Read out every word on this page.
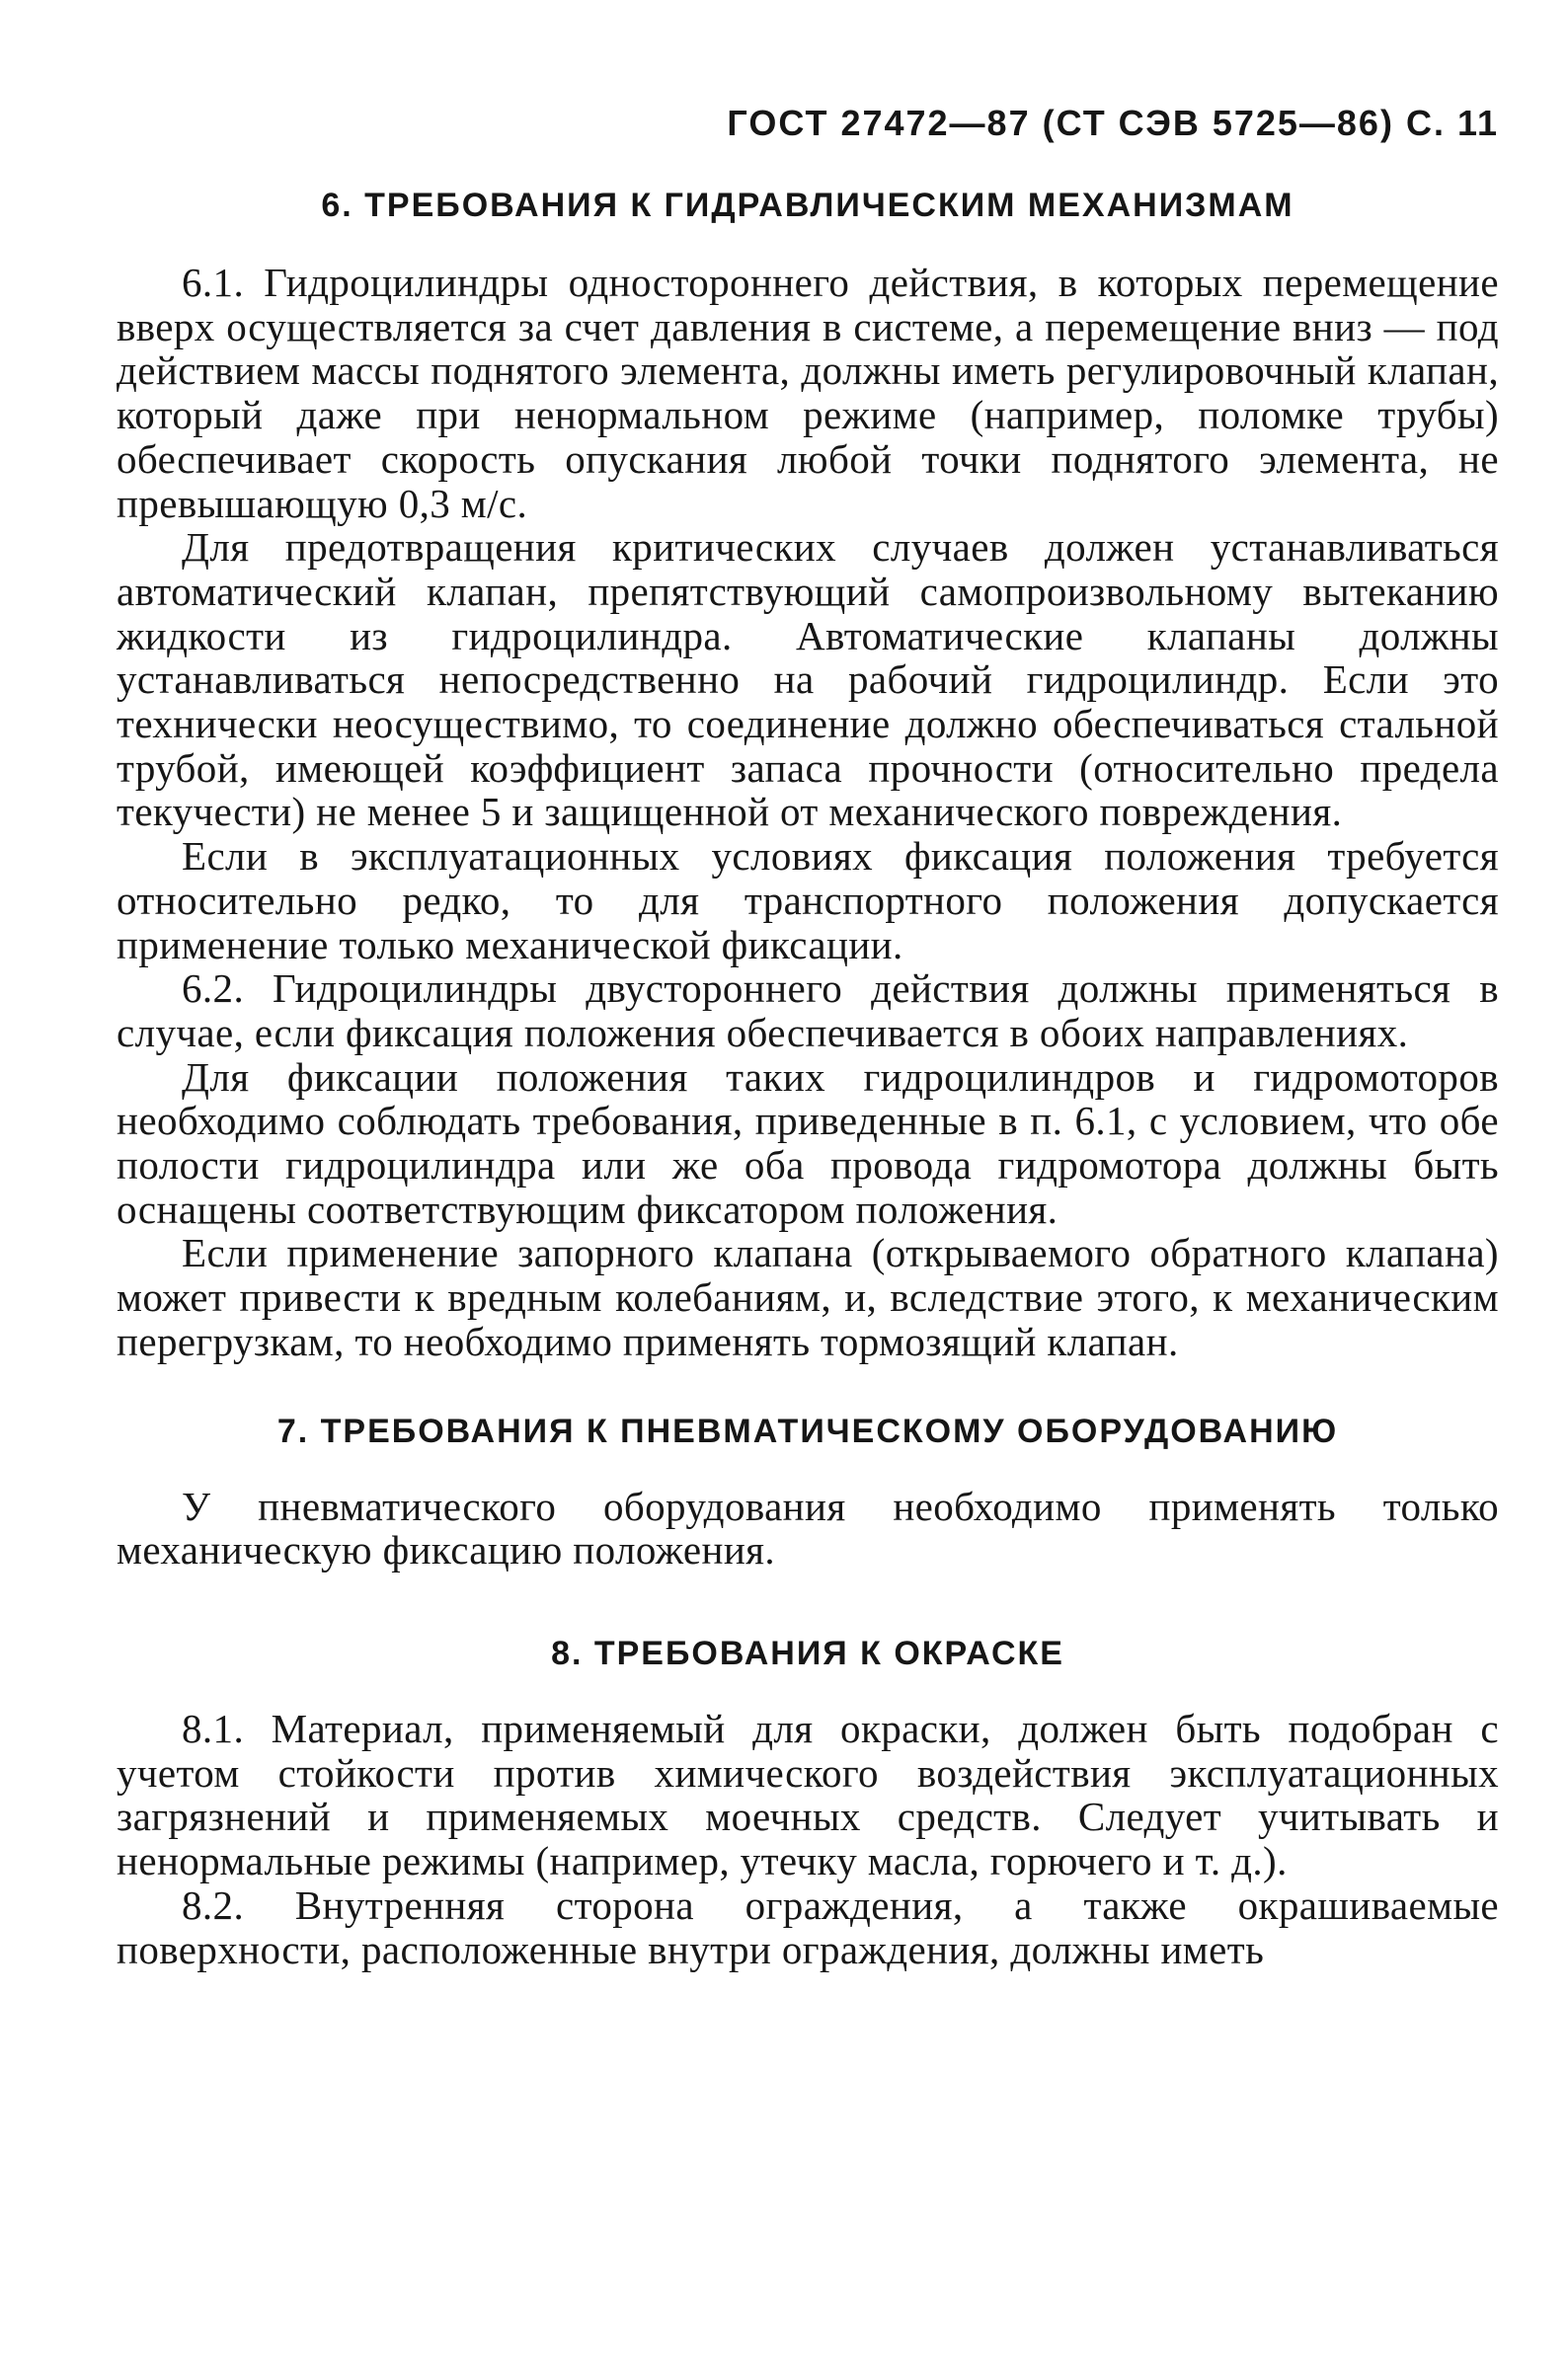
ГОСТ 27472—87 (СТ СЭВ 5725—86) С. 11
6. ТРЕБОВАНИЯ К ГИДРАВЛИЧЕСКИМ МЕХАНИЗМАМ

6.1. Гидроцилиндры одностороннего действия, в которых перемещение вверх осуществляется за счет давления в системе, а перемещение вниз — под действием массы поднятого элемента, должны иметь регулировочный клапан, который даже при ненормальном режиме (например, поломке трубы) обеспечивает скорость опускания любой точки поднятого элемента, не превышающую 0,3 м/с.

Для предотвращения критических случаев должен устанавливаться автоматический клапан, препятствующий самопроизвольному вытеканию жидкости из гидроцилиндра. Автоматические клапаны должны устанавливаться непосредственно на рабочий гидроцилиндр. Если это технически неосуществимо, то соединение должно обеспечиваться стальной трубой, имеющей коэффициент запаса прочности (относительно предела текучести) не менее 5 и защищенной от механического повреждения.

Если в эксплуатационных условиях фиксация положения требуется относительно редко, то для транспортного положения допускается применение только механической фиксации.

6.2. Гидроцилиндры двустороннего действия должны применяться в случае, если фиксация положения обеспечивается в обоих направлениях.

Для фиксации положения таких гидроцилиндров и гидромоторов необходимо соблюдать требования, приведенные в п. 6.1, с условием, что обе полости гидроцилиндра или же оба провода гидромотора должны быть оснащены соответствующим фиксатором положения.

Если применение запорного клапана (открываемого обратного клапана) может привести к вредным колебаниям, и, вследствие этого, к механическим перегрузкам, то необходимо применять тормозящий клапан.

7. ТРЕБОВАНИЯ К ПНЕВМАТИЧЕСКОМУ ОБОРУДОВАНИЮ

У пневматического оборудования необходимо применять только механическую фиксацию положения.

8. ТРЕБОВАНИЯ К ОКРАСКЕ

8.1. Материал, применяемый для окраски, должен быть подобран с учетом стойкости против химического воздействия эксплуатационных загрязнений и применяемых моечных средств. Следует учитывать и ненормальные режимы (например, утечку масла, горючего и т. д.).

8.2. Внутренняя сторона ограждения, а также окрашиваемые поверхности, расположенные внутри ограждения, должны иметь
